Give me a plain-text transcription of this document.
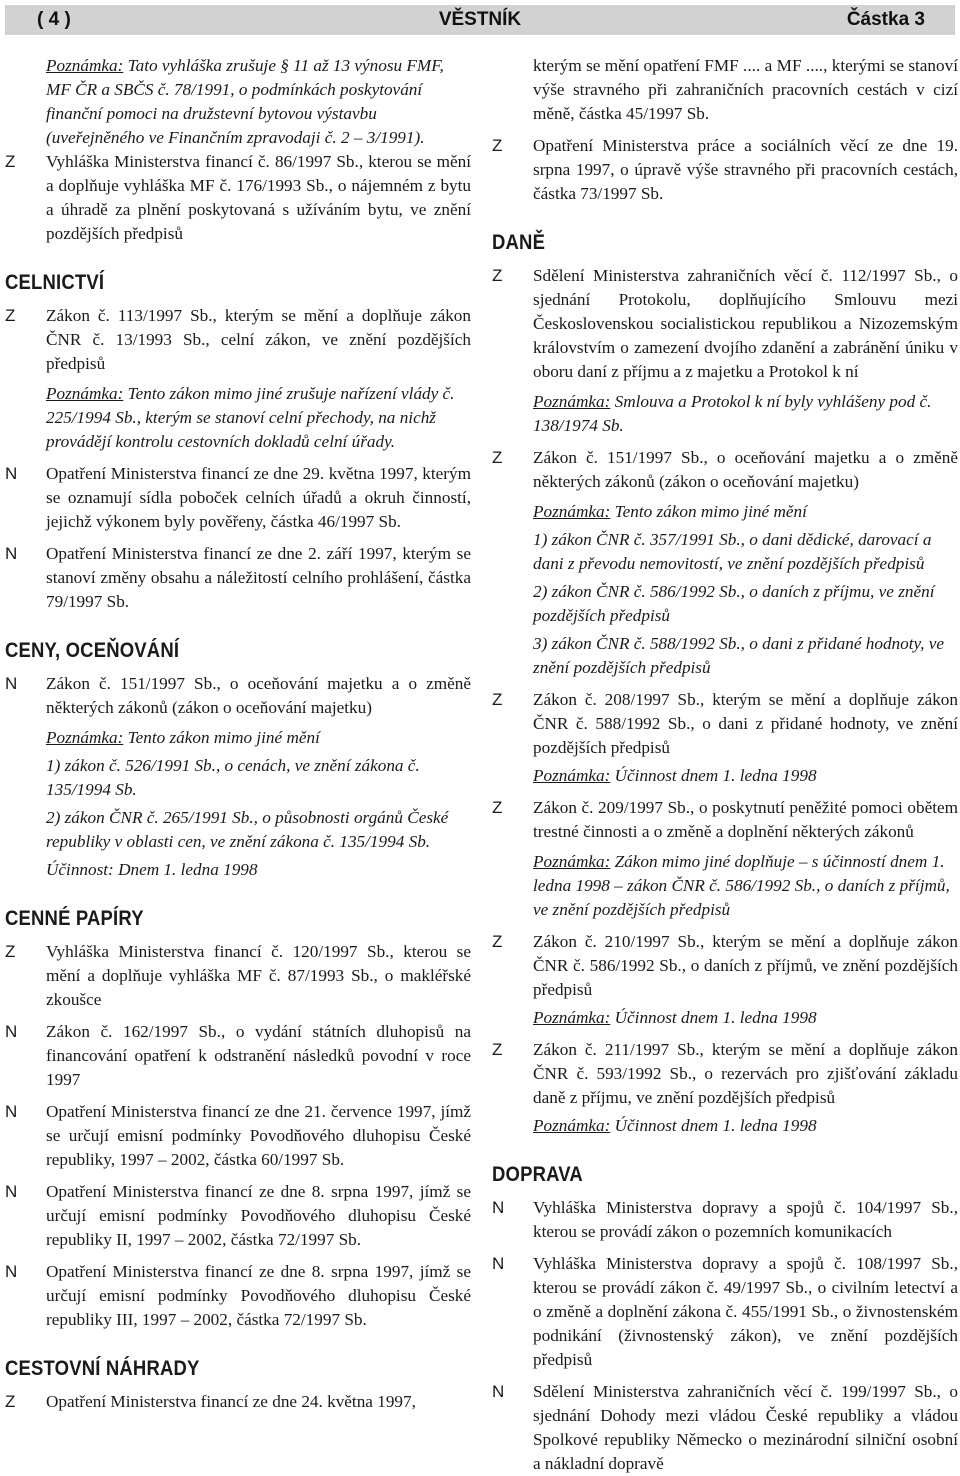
( 4 )	VĚSTNÍK	Částka 3
Poznámka: Tato vyhláška zrušuje § 11 až 13 výnosu FMF, MF ČR a SBČS č. 78/1991, o podmínkách poskytování finanční pomoci na družstevní bytovou výstavbu (uveřejněného ve Finančním zpravodaji č. 2 – 3/1991).
Z Vyhláška Ministerstva financí č. 86/1997 Sb., kterou se mění a doplňuje vyhláška MF č. 176/1993 Sb., o nájemném z bytu a úhradě za plnění poskytovaná s užíváním bytu, ve znění pozdějších předpisů
CELNICTVÍ
Z Zákon č. 113/1997 Sb., kterým se mění a doplňuje zákon ČNR č. 13/1993 Sb., celní zákon, ve znění pozdějších předpisů
Poznámka: Tento zákon mimo jiné zrušuje nařízení vlády č. 225/1994 Sb., kterým se stanoví celní přechody, na nichž provádějí kontrolu cestovních dokladů celní úřady.
N Opatření Ministerstva financí ze dne 29. května 1997, kterým se oznamují sídla poboček celních úřadů a okruh činností, jejichž výkonem byly pověřeny, částka 46/1997 Sb.
N Opatření Ministerstva financí ze dne 2. září 1997, kterým se stanoví změny obsahu a náležitostí celního prohlášení, částka 79/1997 Sb.
CENY, OCEŇOVÁNÍ
N Zákon č. 151/1997 Sb., o oceňování majetku a o změně některých zákonů (zákon o oceňování majetku)
Poznámka: Tento zákon mimo jiné mění
1) zákon č. 526/1991 Sb., o cenách, ve znění zákona č. 135/1994 Sb.
2) zákon ČNR č. 265/1991 Sb., o působnosti orgánů České republiky v oblasti cen, ve znění zákona č. 135/1994 Sb.
Účinnost: Dnem 1. ledna 1998
CENNÉ PAPÍRY
Z Vyhláška Ministerstva financí č. 120/1997 Sb., kterou se mění a doplňuje vyhláška MF č. 87/1993 Sb., o makléřské zkoušce
N Zákon č. 162/1997 Sb., o vydání státních dluhopisů na financování opatření k odstranění následků povodní v roce 1997
N Opatření Ministerstva financí ze dne 21. července 1997, jímž se určují emisní podmínky Povodňového dluhopisu České republiky, 1997 – 2002, částka 60/1997 Sb.
N Opatření Ministerstva financí ze dne 8. srpna 1997, jímž se určují emisní podmínky Povodňového dluhopisu České republiky II, 1997 – 2002, částka 72/1997 Sb.
N Opatření Ministerstva financí ze dne 8. srpna 1997, jímž se určují emisní podmínky Povodňového dluhopisu České republiky III, 1997 – 2002, částka 72/1997 Sb.
CESTOVNÍ NÁHRADY
Z Opatření Ministerstva financí ze dne 24. května 1997,
kterým se mění opatření FMF .... a MF ...., kterými se stanoví výše stravného při zahraničních pracovních cestách v cizí měně, částka 45/1997 Sb.
Z Opatření Ministerstva práce a sociálních věcí ze dne 19. srpna 1997, o úpravě výše stravného při pracovních cestách, částka 73/1997 Sb.
DANĚ
Z Sdělení Ministerstva zahraničních věcí č. 112/1997 Sb., o sjednání Protokolu, doplňujícího Smlouvu mezi Československou socialistickou republikou a Nizozemským královstvím o zamezení dvojího zdanění a zabránění úniku v oboru daní z příjmu a z majetku a Protokol k ní
Poznámka: Smlouva a Protokol k ní byly vyhlášeny pod č. 138/1974 Sb.
Z Zákon č. 151/1997 Sb., o oceňování majetku a o změně některých zákonů (zákon o oceňování majetku)
Poznámka: Tento zákon mimo jiné mění
1) zákon ČNR č. 357/1991 Sb., o dani dědické, darovací a dani z převodu nemovitostí, ve znění pozdějších předpisů
2) zákon ČNR č. 586/1992 Sb., o daních z příjmu, ve znění pozdějších předpisů
3) zákon ČNR č. 588/1992 Sb., o dani z přidané hodnoty, ve znění pozdějších předpisů
Z Zákon č. 208/1997 Sb., kterým se mění a doplňuje zákon ČNR č. 588/1992 Sb., o dani z přidané hodnoty, ve znění pozdějších předpisů
Poznámka: Účinnost dnem 1. ledna 1998
Z Zákon č. 209/1997 Sb., o poskytnutí peněžité pomoci obětem trestné činnosti a o změně a doplnění některých zákonů
Poznámka: Zákon mimo jiné doplňuje – s účinností dnem 1. ledna 1998 – zákon ČNR č. 586/1992 Sb., o daních z příjmů, ve znění pozdějších předpisů
Z Zákon č. 210/1997 Sb., kterým se mění a doplňuje zákon ČNR č. 586/1992 Sb., o daních z příjmů, ve znění pozdějších předpisů
Poznámka: Účinnost dnem 1. ledna 1998
Z Zákon č. 211/1997 Sb., kterým se mění a doplňuje zákon ČNR č. 593/1992 Sb., o rezervách pro zjišťování základu daně z příjmu, ve znění pozdějších předpisů
Poznámka: Účinnost dnem 1. ledna 1998
DOPRAVA
N Vyhláška Ministerstva dopravy a spojů č. 104/1997 Sb., kterou se provádí zákon o pozemních komunikacích
N Vyhláška Ministerstva dopravy a spojů č. 108/1997 Sb., kterou se provádí zákon č. 49/1997 Sb., o civilním letectví a o změně a doplnění zákona č. 455/1991 Sb., o živnostenském podnikání (živnostenský zákon), ve znění pozdějších předpisů
N Sdělení Ministerstva zahraničních věcí č. 199/1997 Sb., o sjednání Dohody mezi vládou České republiky a vládou Spolkové republiky Německo o mezinárodní silniční osobní a nákladní dopravě
